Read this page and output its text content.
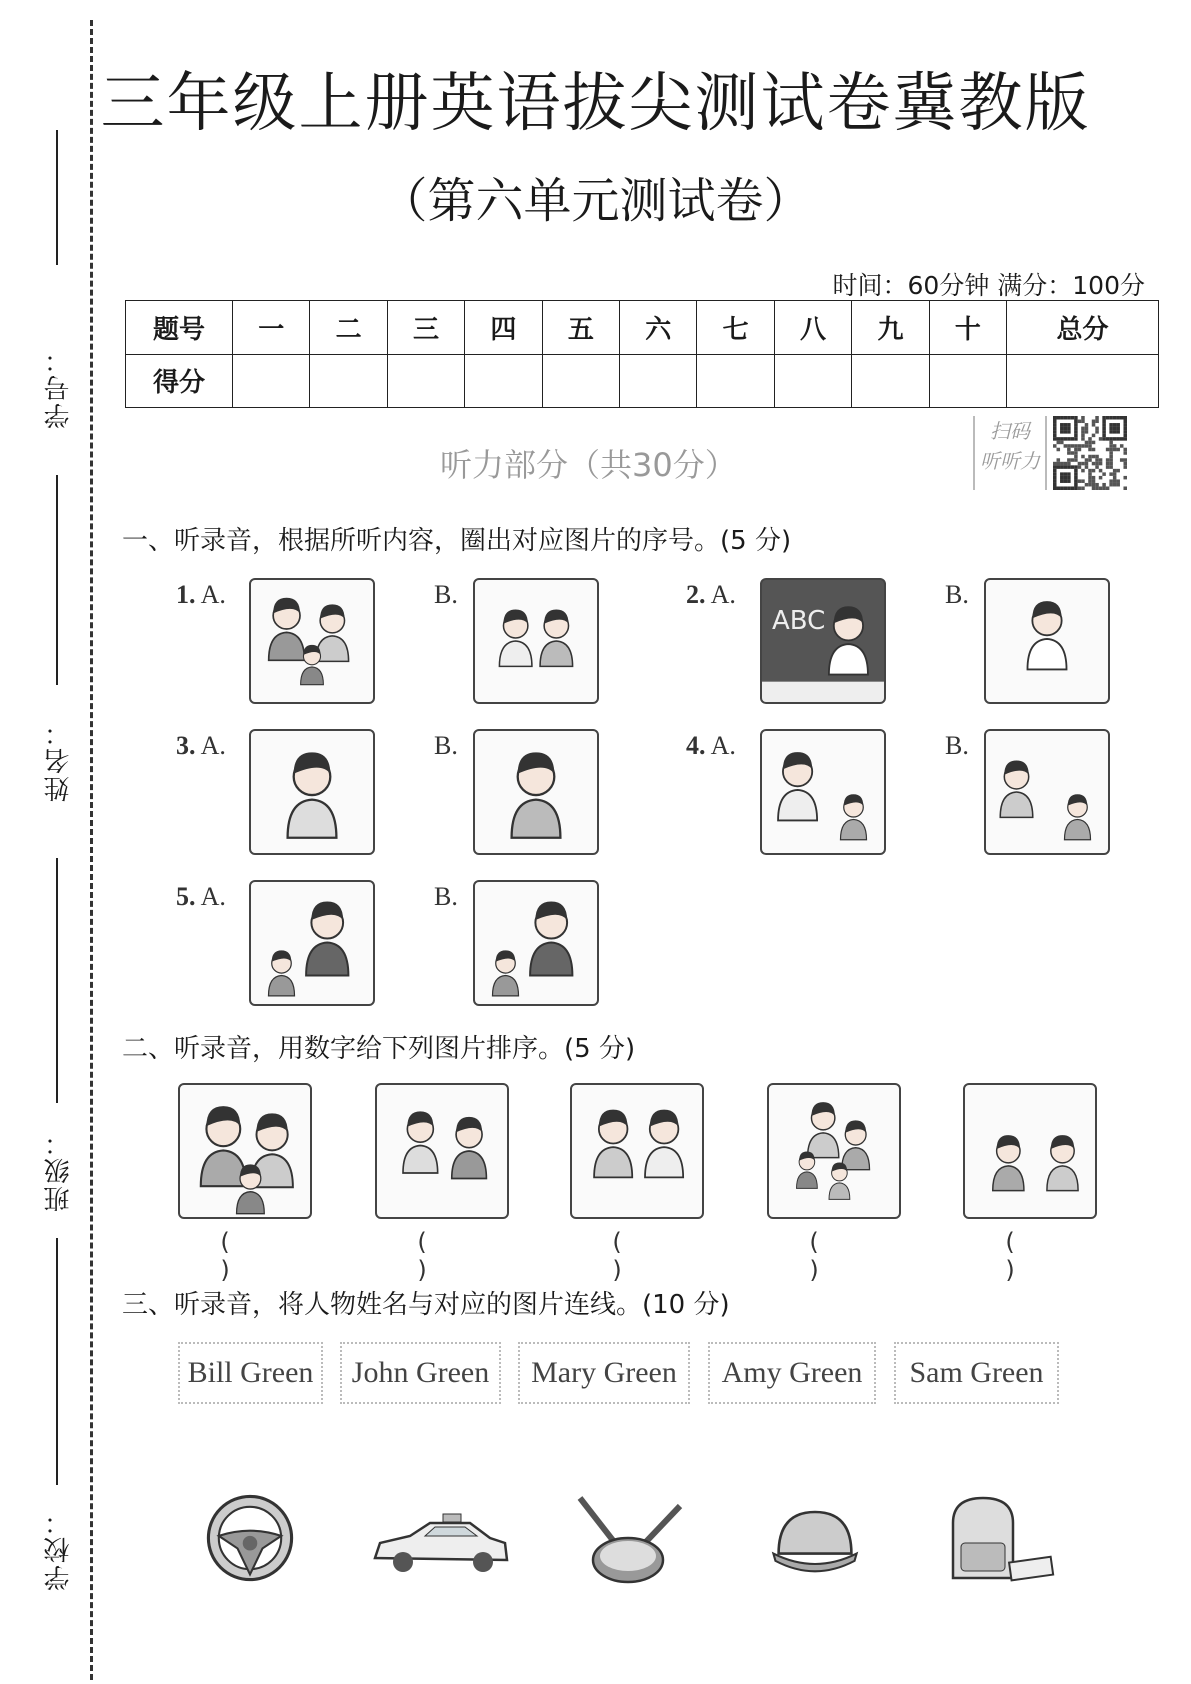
学号：
姓名：
班级：
学校：
三年级上册英语拔尖测试卷冀教版
（第六单元测试卷）
时间：60分钟 满分：100分
题号	一	二	三	四	五	六	七	八	九	十	总分
得分											
听力部分（共30分）
扫码
听听力
一、听录音，根据所听内容，圈出对应图片的序号。(5 分)
1. A.	B.	2. A.
ABC
B.
3. A.	B.	4. A.	B.
5. A.	B.
二、听录音，用数字给下列图片排序。(5 分)
( )
( )
( )
( )
( )
三、听录音，将人物姓名与对应的图片连线。(10 分)
Bill Green	John Green	Mary Green	Amy Green	Sam Green
